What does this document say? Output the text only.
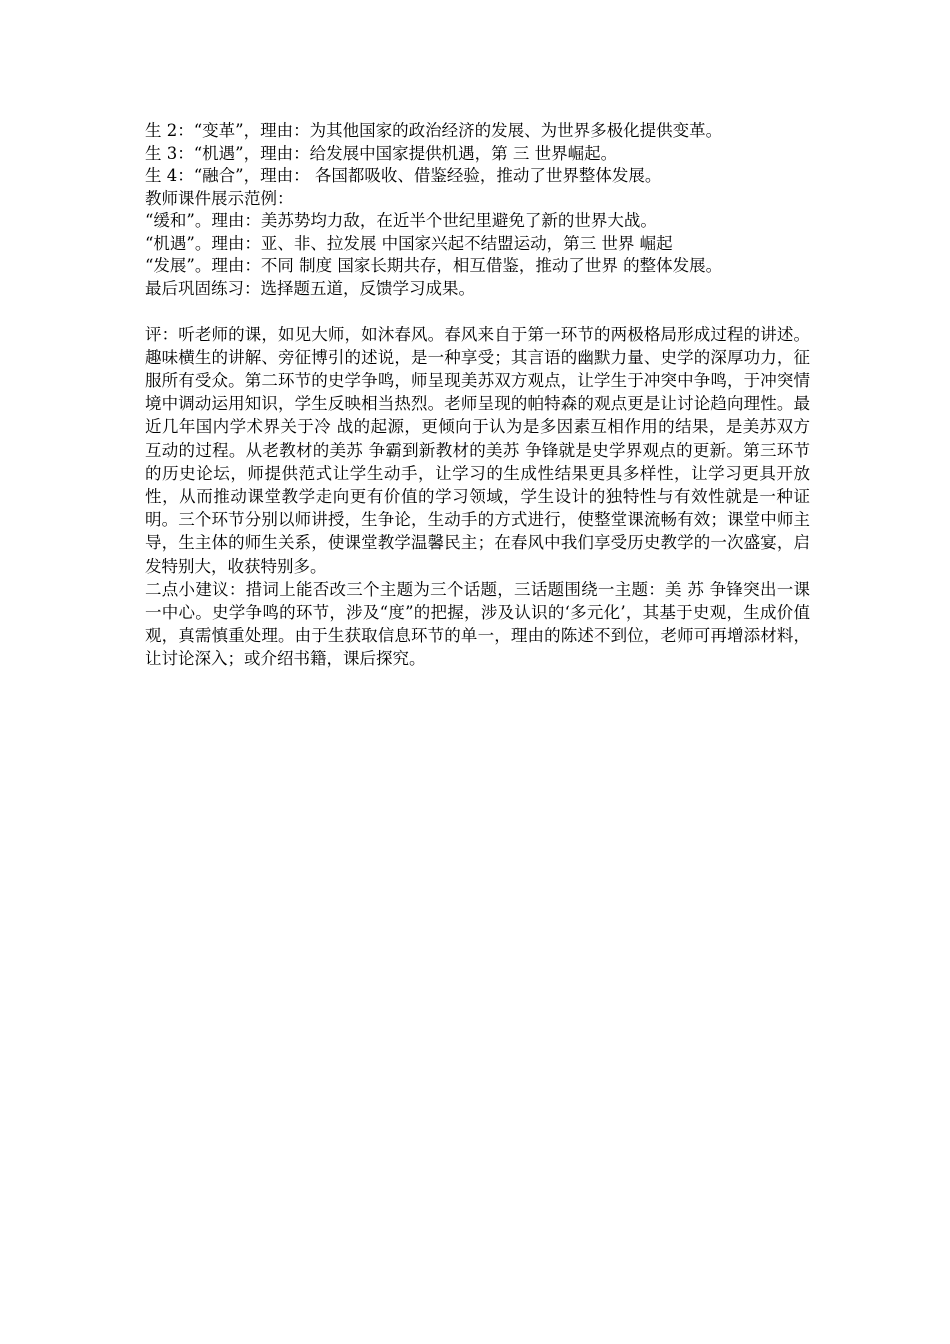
生 2：“变革”，理由：为其他国家的政治经济的发展、为世界多极化提供变革。
生 3：“机遇”，理由：给发展中国家提供机遇，第 三 世界崛起。
生 4：“融合”，理由： 各国都吸收、借鉴经验，推动了世界整体发展。
教师课件展示范例：
“缓和”。理由：美苏势均力敌，在近半个世纪里避免了新的世界大战。
“机遇”。理由：亚、非、拉发展 中国家兴起不结盟运动，第三 世界 崛起
“发展”。理由：不同 制度 国家长期共存，相互借鉴，推动了世界 的整体发展。
最后巩固练习：选择题五道，反馈学习成果。
评：听老师的课，如见大师，如沐春风。春风来自于第一环节的两极格局形成过程的讲述。趣味横生的讲解、旁征博引的述说，是一种享受；其言语的幽默力量、史学的深厚功力，征服所有受众。第二环节的史学争鸣，师呈现美苏双方观点，让学生于冲突中争鸣，于冲突情境中调动运用知识，学生反映相当热烈。老师呈现的帕特森的观点更是让讨论趋向理性。最近几年国内学术界关于冷 战的起源，更倾向于认为是多因素互相作用的结果，是美苏双方互动的过程。从老教材的美苏 争霸到新教材的美苏 争锋就是史学界观点的更新。第三环节的历史论坛，师提供范式让学生动手，让学习的生成性结果更具多样性，让学习更具开放性，从而推动课堂教学走向更有价值的学习领域，学生设计的独特性与有效性就是一种证明。三个环节分别以师讲授，生争论，生动手的方式进行，使整堂课流畅有效；课堂中师主导，生主体的师生关系，使课堂教学温馨民主；在春风中我们享受历史教学的一次盛宴，启发特别大，收获特别多。
二点小建议：措词上能否改三个主题为三个话题，三话题围绕一主题：美 苏 争锋突出一课一中心。史学争鸣的环节，涉及“度”的把握，涉及认识的‘多元化’，其基于史观，生成价值观，真需慎重处理。由于生获取信息环节的单一，理由的陈述不到位，老师可再增添材料，让讨论深入；或介绍书籍，课后探究。
